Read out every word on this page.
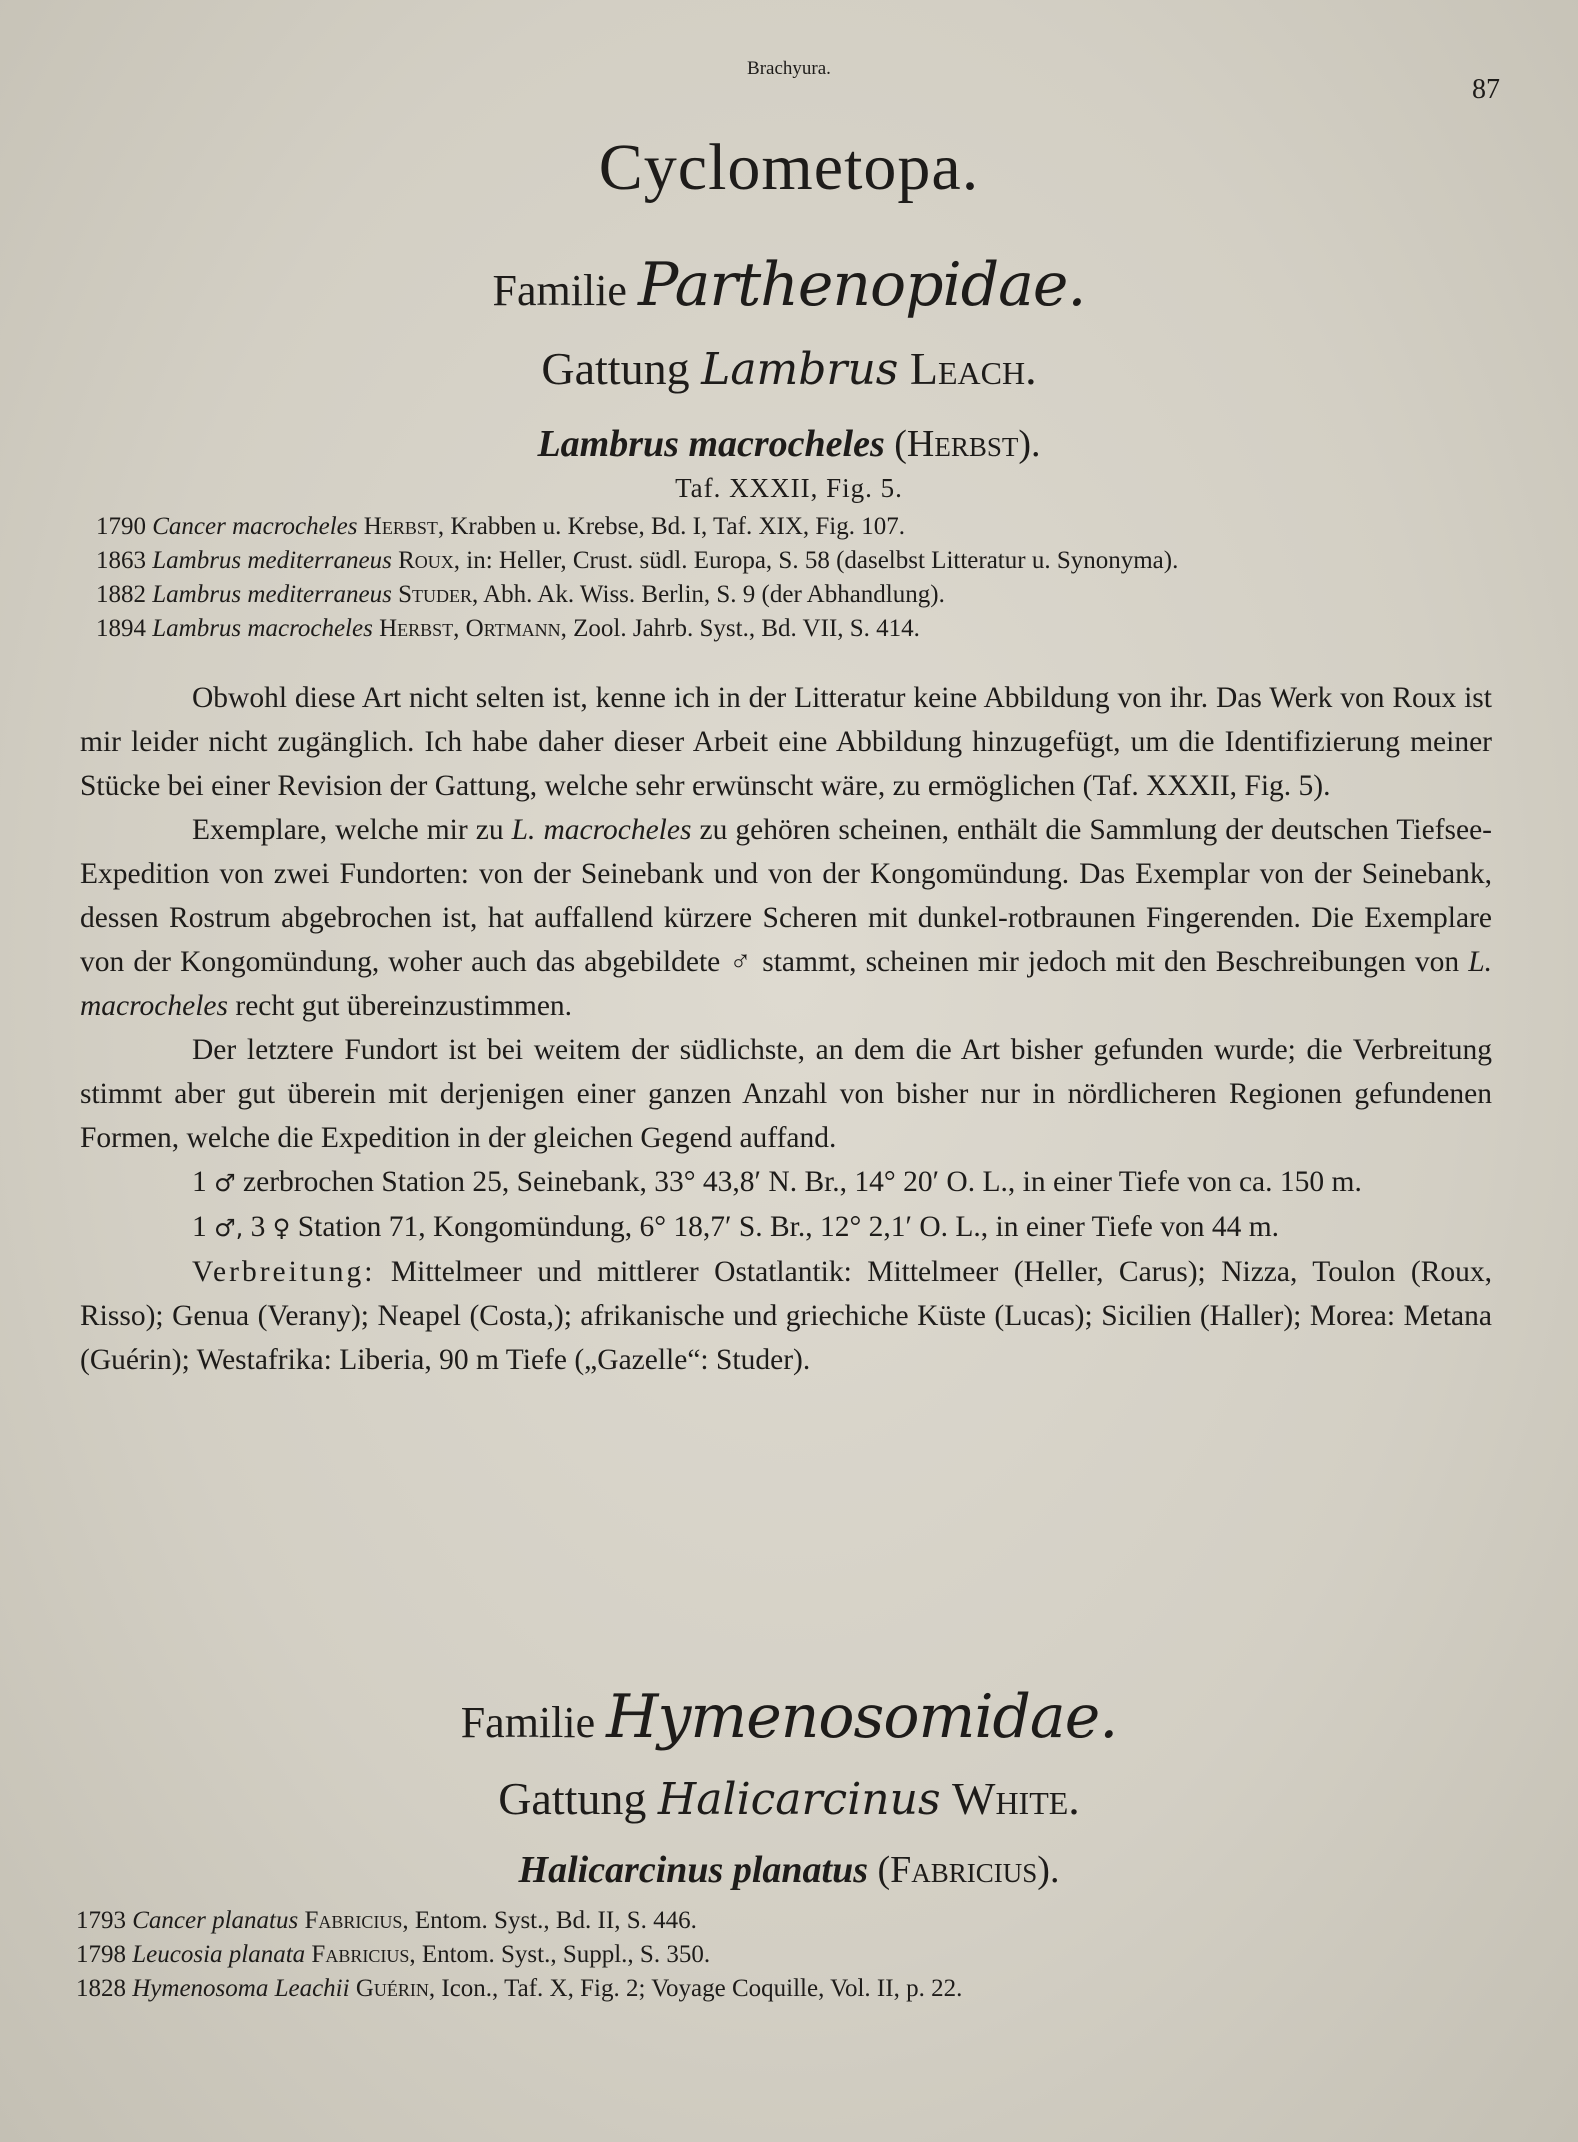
Brachyura.
87
Cyclometopa.
Familie Parthenopidae.
Gattung Lambrus Leach.
Lambrus macrocheles (Herbst).
Taf. XXXII, Fig. 5.
1790 Cancer macrocheles Herbst, Krabben u. Krebse, Bd. I, Taf. XIX, Fig. 107.
1863 Lambrus mediterraneus Roux, in: Heller, Crust. südl. Europa, S. 58 (daselbst Litteratur u. Synonyma).
1882 Lambrus mediterraneus Studer, Abh. Ak. Wiss. Berlin, S. 9 (der Abhandlung).
1894 Lambrus macrocheles Herbst, Ortmann, Zool. Jahrb. Syst., Bd. VII, S. 414.

Obwohl diese Art nicht selten ist, kenne ich in der Litteratur keine Abbildung von ihr. Das Werk von Roux ist mir leider nicht zugänglich. Ich habe daher dieser Arbeit eine Abbildung hinzugefügt, um die Identifizierung meiner Stücke bei einer Revision der Gattung, welche sehr erwünscht wäre, zu ermöglichen (Taf. XXXII, Fig. 5).

Exemplare, welche mir zu L. macrocheles zu gehören scheinen, enthält die Sammlung der deutschen Tiefsee-Expedition von zwei Fundorten: von der Seinebank und von der Kongomündung. Das Exemplar von der Seinebank, dessen Rostrum abgebrochen ist, hat auffallend kürzere Scheren mit dunkel-rotbraunen Fingerenden. Die Exemplare von der Kongomündung, woher auch das abgebildete ♂ stammt, scheinen mir jedoch mit den Beschreibungen von L. macrocheles recht gut übereinzustimmen.

Der letztere Fundort ist bei weitem der südlichste, an dem die Art bisher gefunden wurde; die Verbreitung stimmt aber gut überein mit derjenigen einer ganzen Anzahl von bisher nur in nördlicheren Regionen gefundenen Formen, welche die Expedition in der gleichen Gegend auffand.

1 ♂ zerbrochen Station 25, Seinebank, 33° 43,8′ N. Br., 14° 20′ O. L., in einer Tiefe von ca. 150 m.

1 ♂, 3 ♀ Station 71, Kongomündung, 6° 18,7′ S. Br., 12° 2,1′ O. L., in einer Tiefe von 44 m.

Verbreitung: Mittelmeer und mittlerer Ostatlantik: Mittelmeer (Heller, Carus); Nizza, Toulon (Roux, Risso); Genua (Verany); Neapel (Costa,); afrikanische und griechiche Küste (Lucas); Sicilien (Haller); Morea: Metana (Guérin); Westafrika: Liberia, 90 m Tiefe („Gazelle“: Studer).

Familie Hymenosomidae.
Gattung Halicarcinus White.
Halicarcinus planatus (Fabricius).
1793 Cancer planatus Fabricius, Entom. Syst., Bd. II, S. 446.
1798 Leucosia planata Fabricius, Entom. Syst., Suppl., S. 350.
1828 Hymenosoma Leachii Guérin, Icon., Taf. X, Fig. 2; Voyage Coquille, Vol. II, p. 22.
